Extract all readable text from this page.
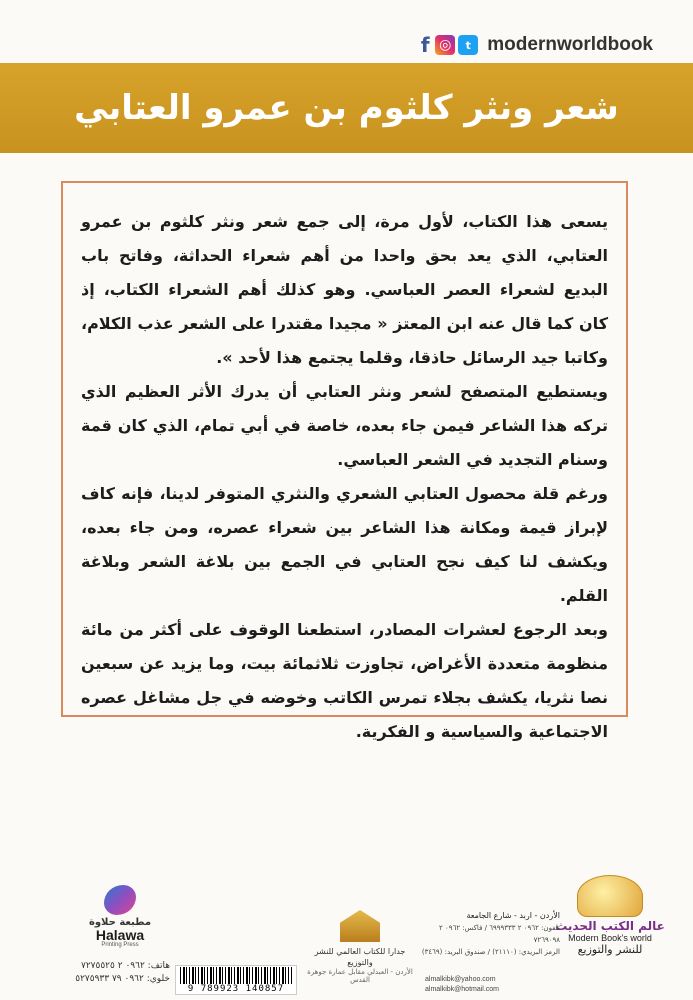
f ◎	t modernworldbook
شعر ونثر كلثوم بن عمرو العتابي

يسعى هذا الكتاب، لأول مرة، إلى جمع شعر ونثر كلثوم بن عمرو العتابي، الذي يعد بحق واحدا من أهم شعراء الحداثة، وفاتح باب البديع لشعراء العصر العباسي. وهو كذلك أهم الشعراء الكتاب، إذ كان كما قال عنه ابن المعتز « مجيدا مقتدرا على الشعر عذب الكلام، وكاتبا جيد الرسائل حاذقا، وقلما يجتمع هذا لأحد ».

ويستطيع المتصفح لشعر ونثر العتابي أن يدرك الأثر العظيم الذي تركه هذا الشاعر فيمن جاء بعده، خاصة في أبي تمام، الذي كان قمة وسنام التجديد في الشعر العباسي.

ورغم قلة محصول العتابي الشعري والنثري المتوفر لدينا، فإنه كاف لإبراز قيمة ومكانة هذا الشاعر بين شعراء عصره، ومن جاء بعده، ويكشف لنا كيف نجح العتابي في الجمع بين بلاغة الشعر وبلاغة القلم.

وبعد الرجوع لعشرات المصادر، استطعنا الوقوف على أكثر من مائة منظومة متعددة الأغراض، تجاوزت ثلاثمائة بيت، وما يزيد عن سبعين نصا نثريا، يكشف بجلاء تمرس الكاتب وخوضه في جل مشاغل عصره الاجتماعية والسياسية و الفكرية.

عالم الكتب الحديث
Modern Book's world
للنشر والتوزيع
الأردن - اربد - شارع الجامعة
تلفون: ٠٩٦٢ ٢ ٦٩٩٩٣٣٣ / فاكس: ٠٩٦٢ ٢ ٧٢٦٩٠٩٨
الرمز البريدي: (٢١١١٠) / صندوق البريد: (٣٤٦٩)
almalkibk@yahoo.com
almalkibk@hotmail.com
9 789923 140857
جدارا للكتاب العالمي للنشر والتوزيع
الأردن - العبدلي مقابل عمارة جوهرة القدس
مطبعة حلاوة
Halawa
Printing Press
هاتف: ٠٩٦٢ ٢ ٧٢٧٥٥٢٥
خلوي: ٠٩٦٢ ٧٩ ٥٢٧٥٩٣٣
